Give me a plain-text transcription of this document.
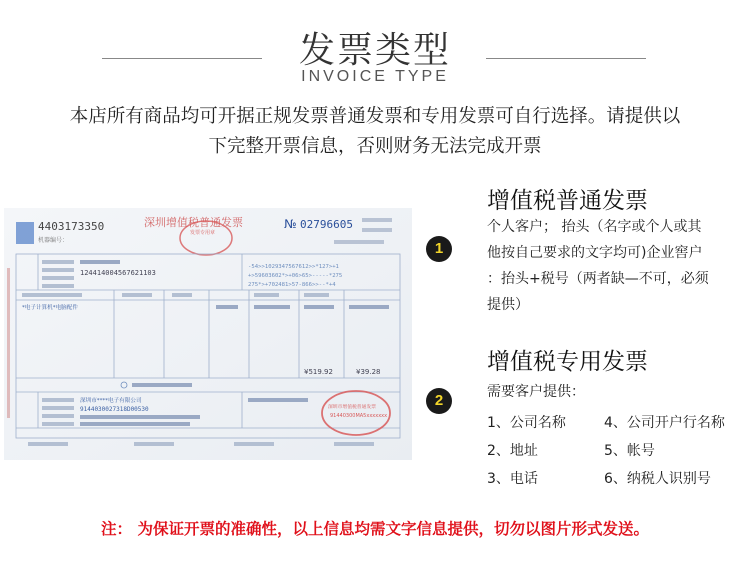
发票类型
INVOICE TYPE
本店所有商品均可开据正规发票普通发票和专用发票可自行选择。请提供以
下完整开票信息，否则财务无法完成开票
4403173350
机器编号：
深圳增值税普通发票
发票专用章
№ 02796605
124414004567621103
-54>>1029347567612>>*127>+1
+>59603602*>+06>65>-----*275
275*>+702481>57-866>>--*+4
*电子计算机*电脑配件
¥519.92	¥39.28
深圳市****电子有限公司
9144030027318D00530	深圳市增值税普通发票
91440300MA5xxxxxxx
1
增值税普通发票
个人客户； 抬头（名字或个人或其
他按自己要求的文字均可)企业窖户
：抬头+税号（两者缺—不可，必须
提供）
2
增值税专用发票
需要客户提供：
1、公司名称	4、公司开户行名称
2、地址	5、帐号
3、电话	6、纳税人识别号
注： 为保证开票的准确性，以上信息均需文字信息提供，切勿以图片形式发送。
